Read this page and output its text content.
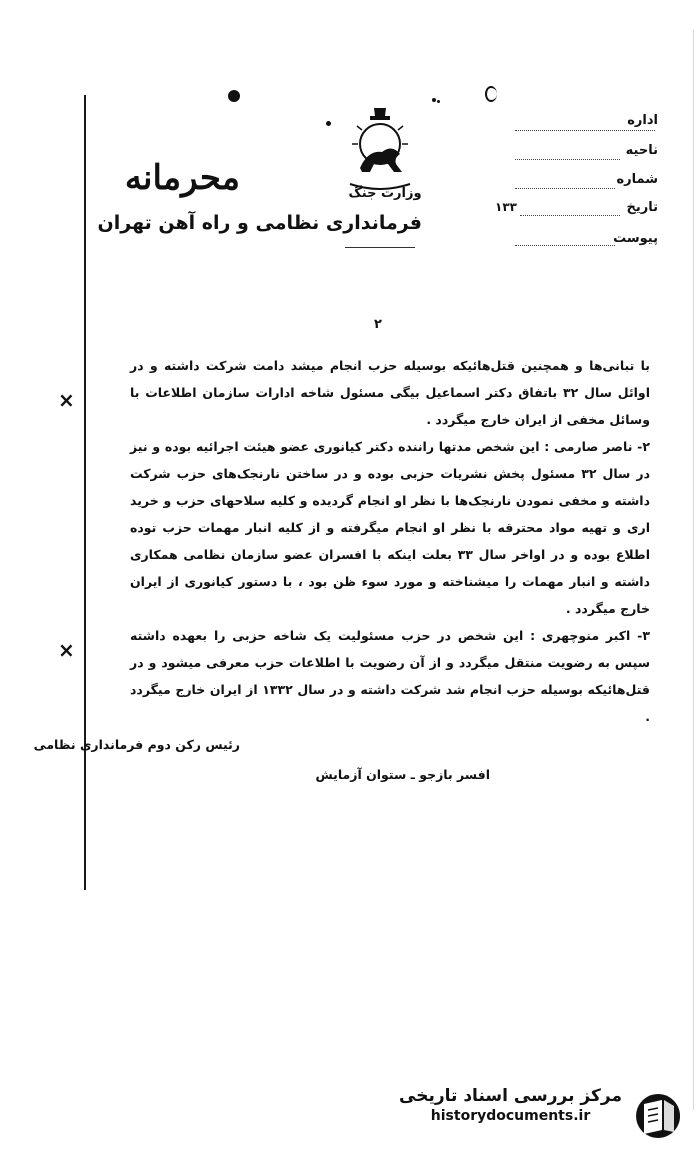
محرمانه	وزارت جنگ
فرمانداری نظامی و راه آهن تهران
اداره
ناحیه
شماره
تاریخ
۱۳۳
پیوست
۲

با تبانی‌ها و همچنین قتل‌هائیکه بوسیله حزب انجام میشد دامت شرکت داشته و در اوائل سال ۳۲ باتفاق دکتر اسماعیل بیگی مسئول شاخه ادارات سازمان اطلاعات با وسائل مخفی از ایران خارج میگردد .

۲- ناصر صارمی : این شخص مدتها راننده دکتر کیانوری عضو هیئت اجرائیه بوده و نیز در سال ۳۲ مسئول پخش نشریات حزبی بوده و در ساختن نارنجک‌های حزب شرکت داشته و مخفی نمودن نارنجک‌ها با نظر او انجام گردیده و کلیه سلاحهای حزب و خرید اری و تهیه مواد محترقه با نظر او انجام میگرفته و از کلیه انبار مهمات حزب توده اطلاع بوده و در اواخر سال ۳۳ بعلت اینکه با افسران عضو سازمان نظامی همکاری داشته و انبار مهمات را میشناخته و مورد سوء ظن بود ، با دستور کیانوری از ایران خارج میگردد .

۳- اکبر منوچهری : این شخص در حزب مسئولیت یک شاخه حزبی را بعهده داشته سپس به رضویت منتقل میگردد و از آن رضویت با اطلاعات حزب معرفی میشود و در قتل‌هائیکه بوسیله حزب انجام شد شرکت داشته و در سال ۱۳۳۲ از ایران خارج میگردد .

×
×
رئیس رکن دوم فرمانداری نظامی
افسر بازجو ـ ستوان آزمایش
مرکز بررسی اسناد تاریخی
historydocuments.ir
